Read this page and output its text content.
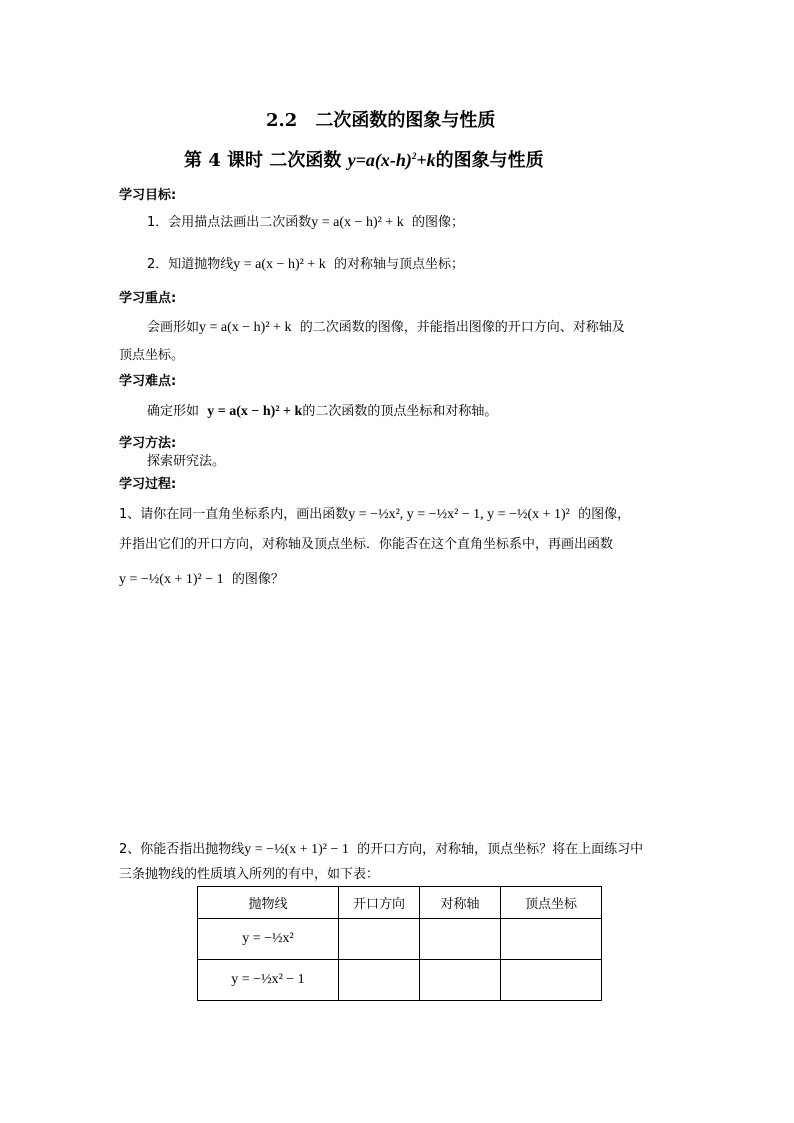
2.2　二次函数的图象与性质
第 4 课时 二次函数 $y=a(x-h)^2+k$的图象与性质
学习目标:
1．会用描点法画出二次函数y = a(x − h)² + k 的图像；
2．知道抛物线y = a(x − h)² + k 的对称轴与顶点坐标；
学习重点:
会画形如y = a(x − h)² + k 的二次函数的图像，并能指出图像的开口方向、对称轴及
顶点坐标。
学习难点:
确定形如 y = a(x − h)² + k的二次函数的顶点坐标和对称轴。
学习方法:
探索研究法。
学习过程:
1、请你在同一直角坐标系内，画出函数y = −½x², y = −½x² − 1, y = −½(x + 1)² 的图像，
并指出它们的开口方向，对称轴及顶点坐标．你能否在这个直角坐标系中，再画出函数
y = −½(x + 1)² − 1 的图像？
2、你能否指出抛物线y = −½(x + 1)² − 1 的开口方向，对称轴，顶点坐标？将在上面练习中
三条抛物线的性质填入所列的有中，如下表：
抛物线	开口方向	对称轴	顶点坐标
y = −½x²			
y = −½x² − 1			
